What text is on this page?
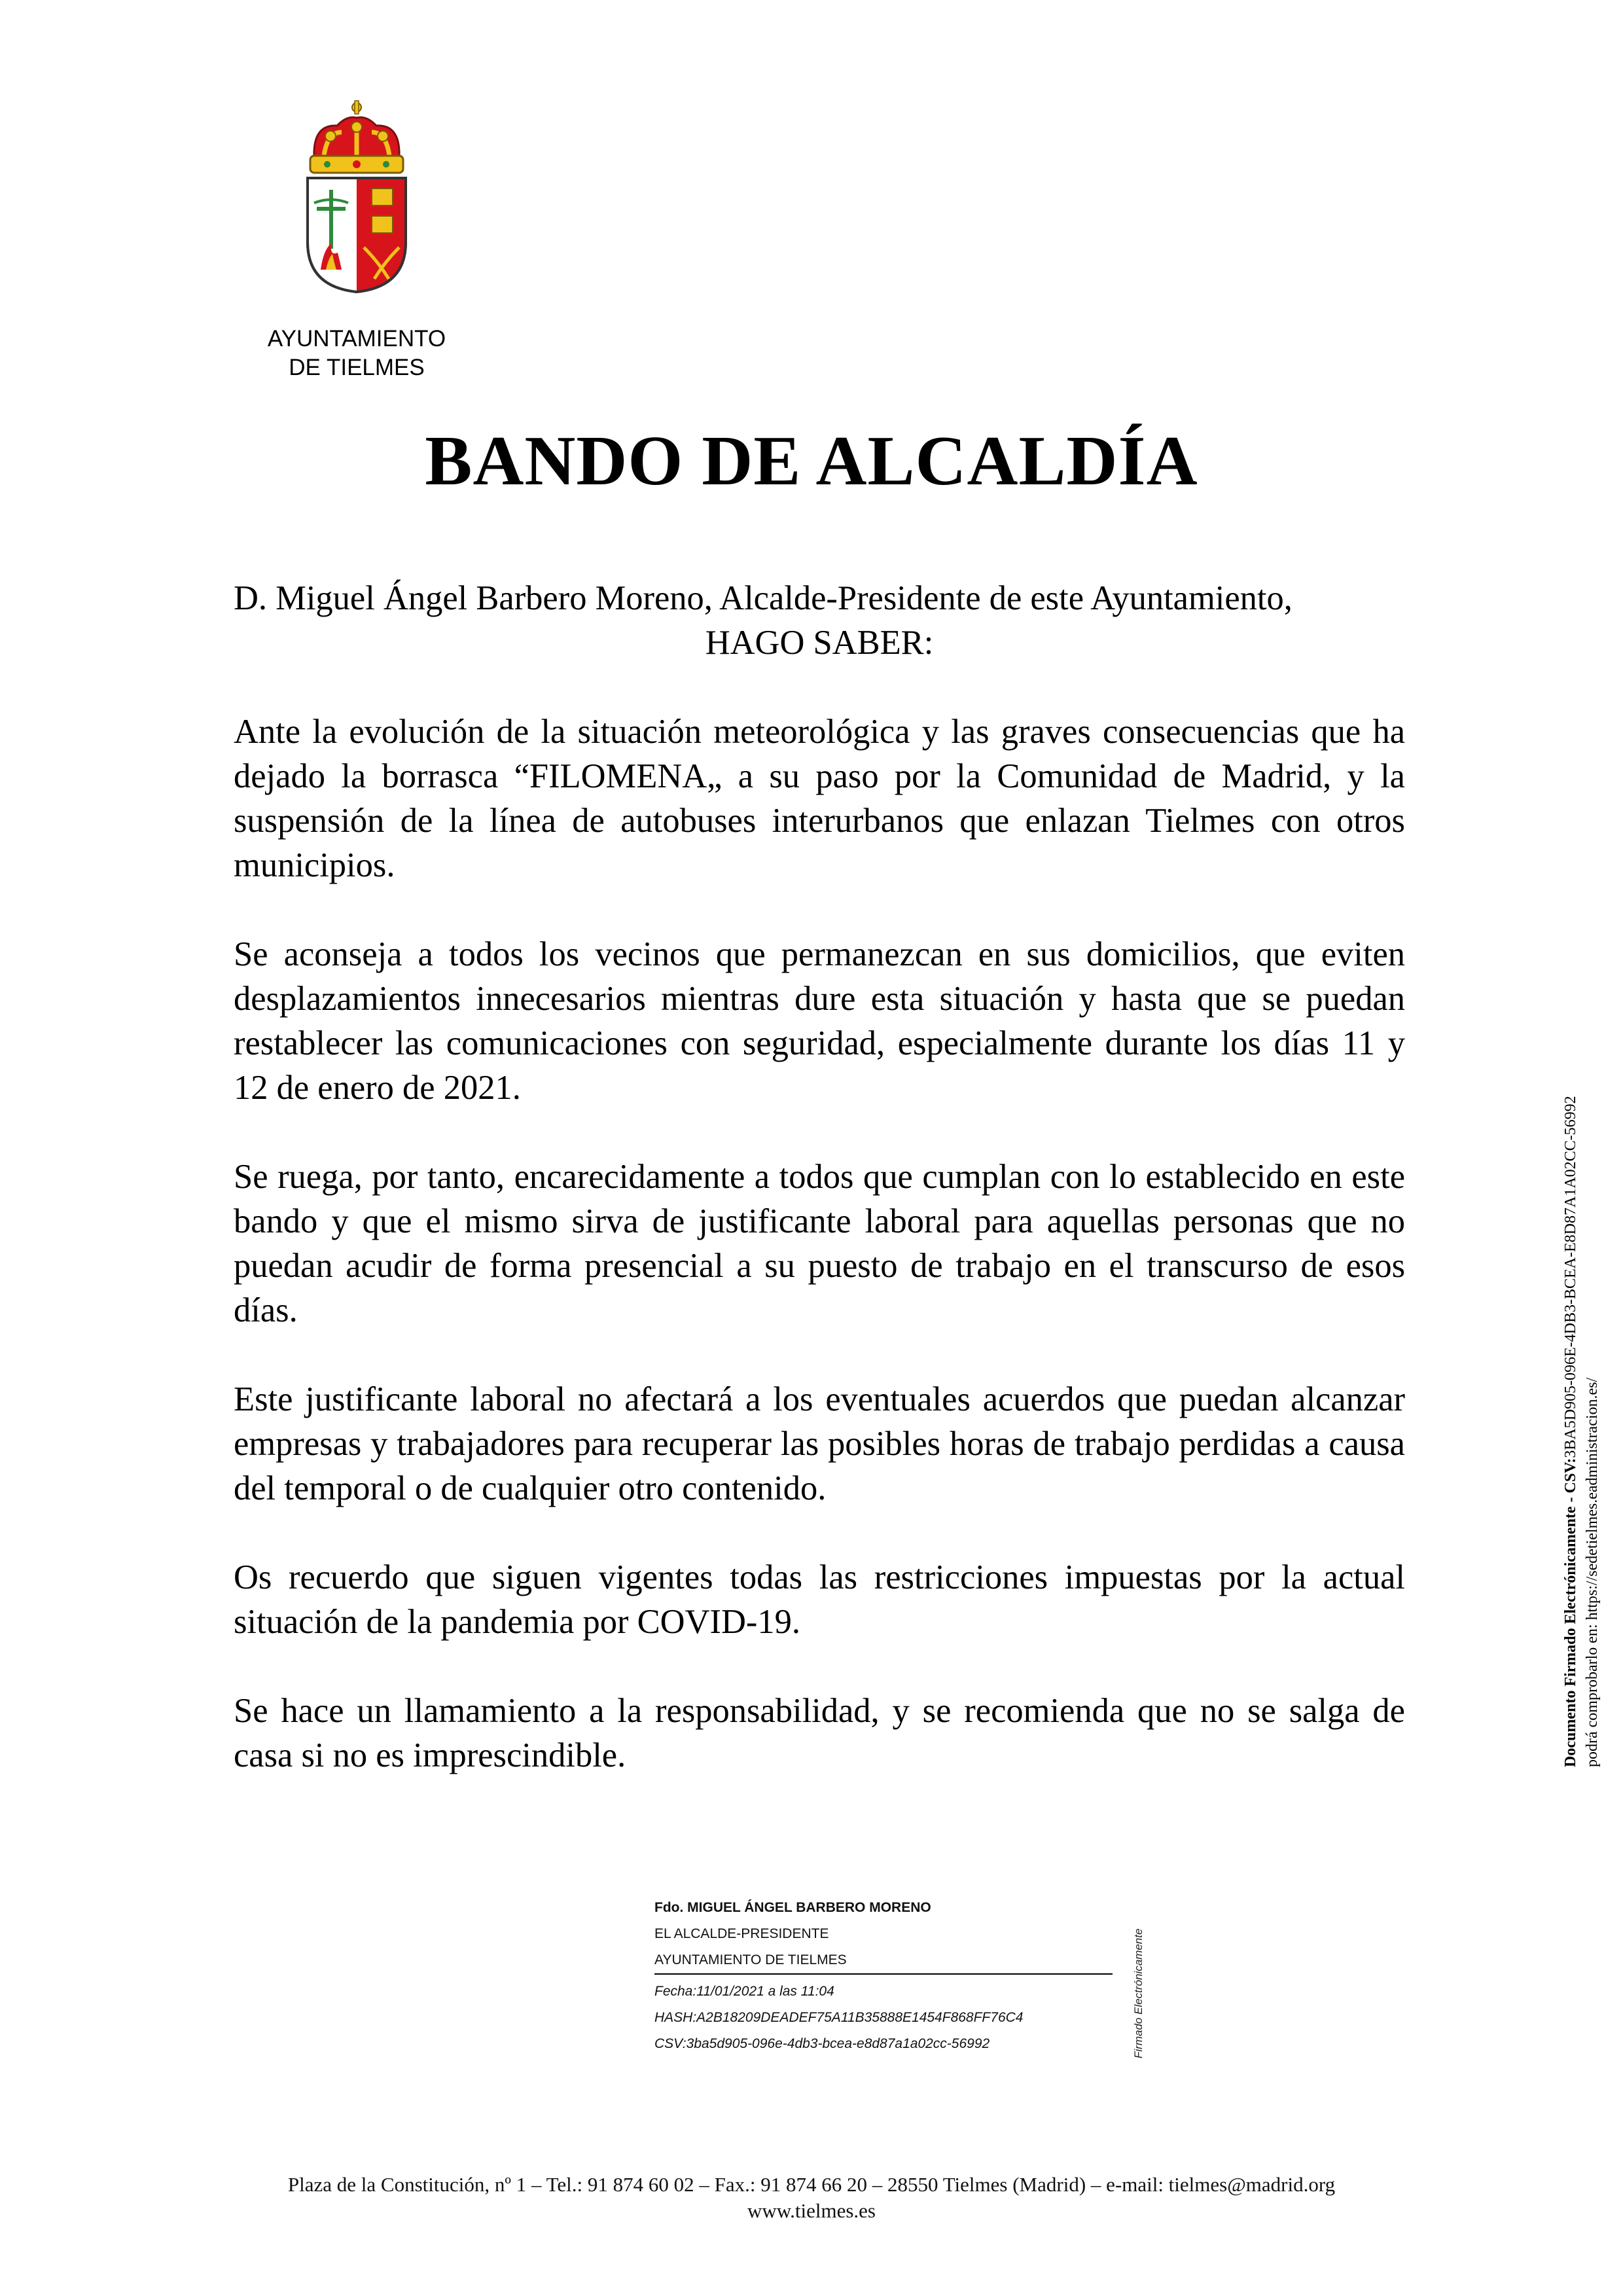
AYUNTAMIENTO
DE TIELMES
BANDO DE ALCALDÍA

D. Miguel Ángel Barbero Moreno, Alcalde-Presidente de este Ayuntamiento,

HAGO SABER:

Ante la evolución de la situación meteorológica y las graves consecuencias que ha dejado la borrasca “FILOMENA„ a su paso por la Comunidad de Madrid, y la suspensión de la línea de autobuses interurbanos que enlazan Tielmes con otros municipios.

Se aconseja a todos los vecinos que permanezcan en sus domicilios, que eviten desplazamientos innecesarios mientras dure esta situación y hasta que se puedan restablecer las comunicaciones con seguridad, especialmente durante los días 11 y 12 de enero de 2021.

Se ruega, por tanto, encarecidamente a todos que cumplan con lo establecido en este bando y que el mismo sirva de justificante laboral para aquellas personas que no puedan acudir de forma presencial a su puesto de trabajo en el transcurso de esos días.

Este justificante laboral no afectará a los eventuales acuerdos que puedan alcanzar empresas y trabajadores para recuperar las posibles horas de trabajo perdidas a causa del temporal o de cualquier otro contenido.

Os recuerdo que siguen vigentes todas las restricciones impuestas por la actual situación de la pandemia por COVID-19.

Se hace un llamamiento a la responsabilidad, y se recomienda que no se salga de casa si no es imprescindible.

Fdo. MIGUEL ÁNGEL BARBERO MORENO
EL ALCALDE-PRESIDENTE
AYUNTAMIENTO DE TIELMES
Fecha:11/01/2021 a las 11:04
HASH:A2B18209DEADEF75A11B35888E1454F868FF76C4
CSV:3ba5d905-096e-4db3-bcea-e8d87a1a02cc-56992	Firmado Electrónicamente
Documento Firmado Electrónicamente - CSV:3BA5D905-096E-4DB3-BCEA-E8D87A1A02CC-56992
podrá comprobarlo en: https://sedetielmes.eadministracion.es/
Plaza de la Constitución, nº 1 – Tel.: 91 874 60 02 – Fax.: 91 874 66 20 – 28550 Tielmes (Madrid) – e-mail: tielmes@madrid.org
www.tielmes.es
